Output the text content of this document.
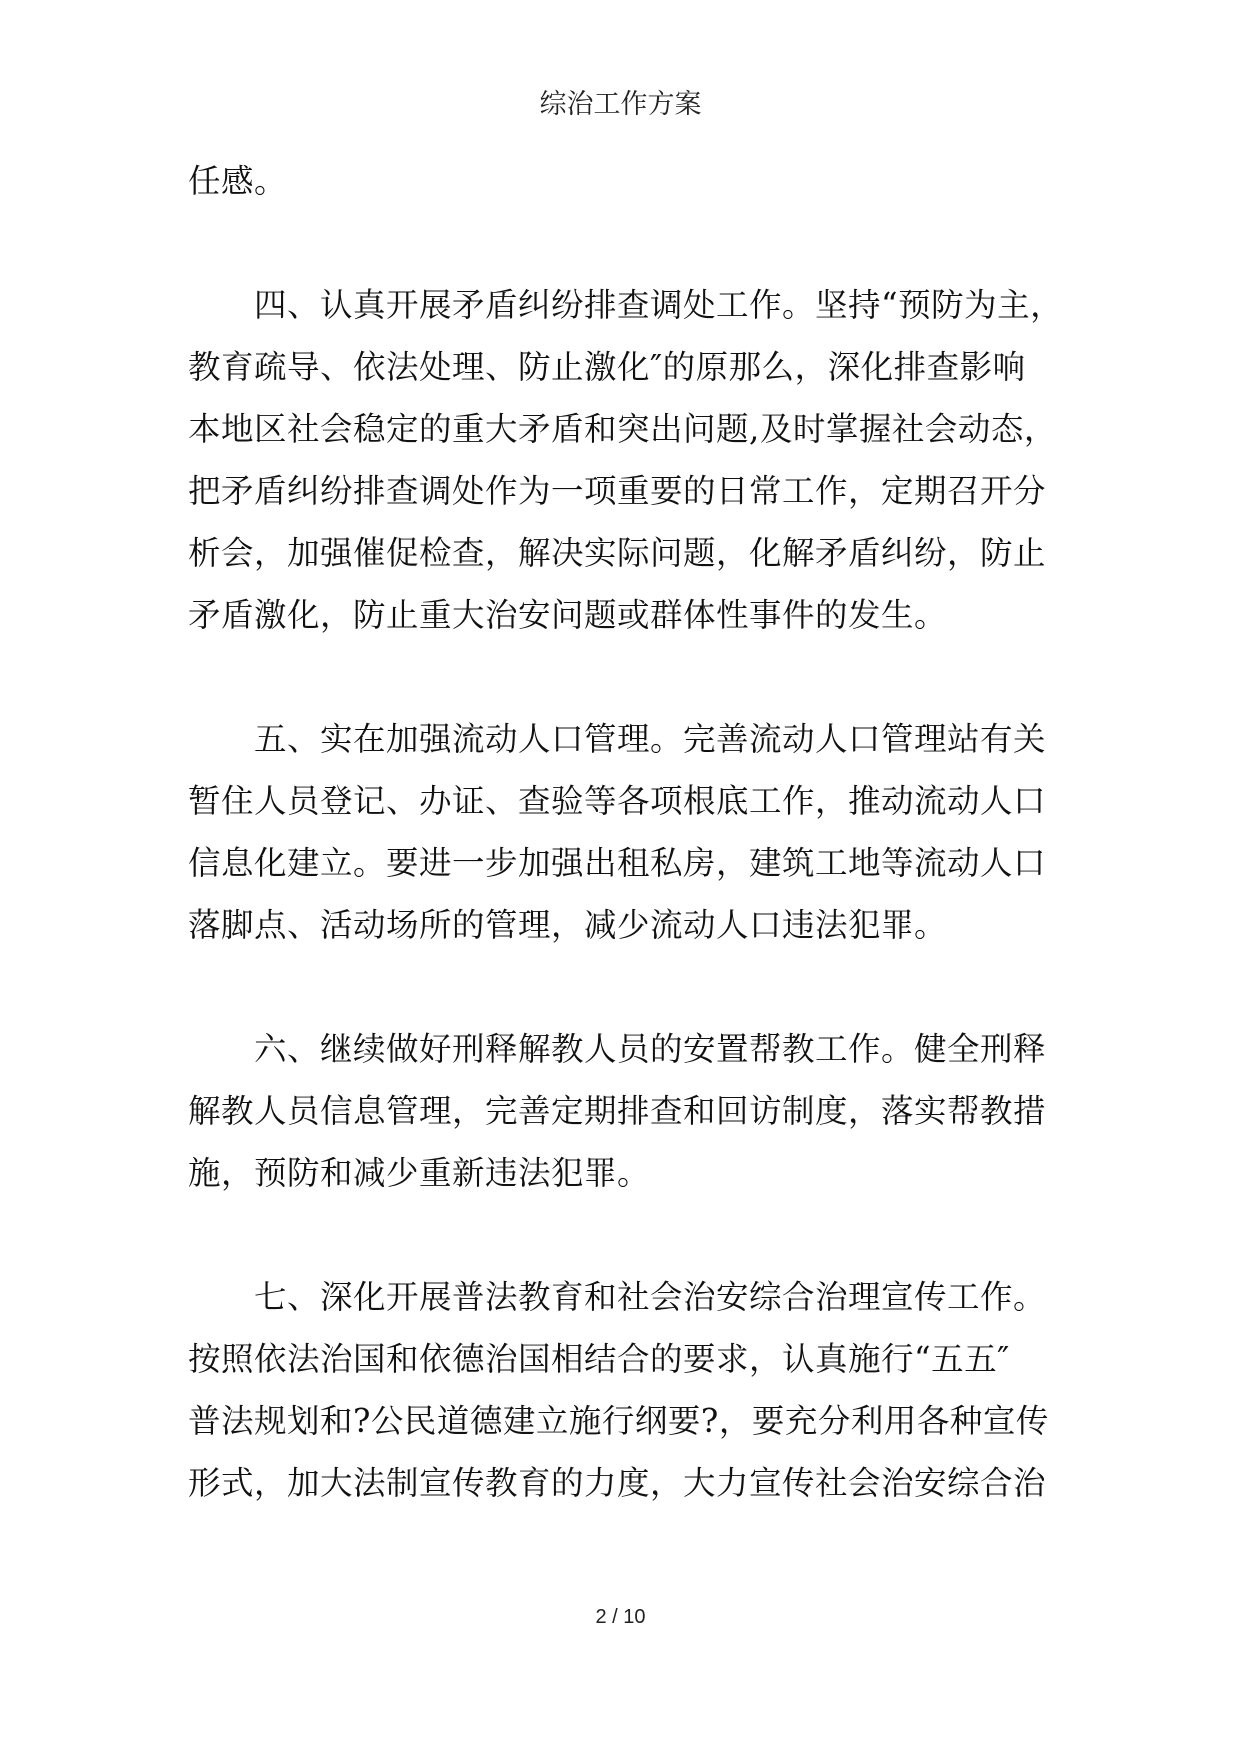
综治工作方案
任感。
四、认真开展矛盾纠纷排查调处工作。坚持“预防为主，
教育疏导、依法处理、防止激化″的原那么，深化排查影响
本地区社会稳定的重大矛盾和突出问题,及时掌握社会动态，
把矛盾纠纷排查调处作为一项重要的日常工作，定期召开分
析会，加强催促检查，解决实际问题，化解矛盾纠纷，防止
矛盾激化，防止重大治安问题或群体性事件的发生。
五、实在加强流动人口管理。完善流动人口管理站有关
暂住人员登记、办证、查验等各项根底工作，推动流动人口
信息化建立。要进一步加强出租私房，建筑工地等流动人口
落脚点、活动场所的管理，减少流动人口违法犯罪。
六、继续做好刑释解教人员的安置帮教工作。健全刑释
解教人员信息管理，完善定期排查和回访制度，落实帮教措
施，预防和减少重新违法犯罪。
七、深化开展普法教育和社会治安综合治理宣传工作。
按照依法治国和依德治国相结合的要求，认真施行“五五″
普法规划和?公民道德建立施行纲要?，要充分利用各种宣传
形式，加大法制宣传教育的力度，大力宣传社会治安综合治
2 / 10
